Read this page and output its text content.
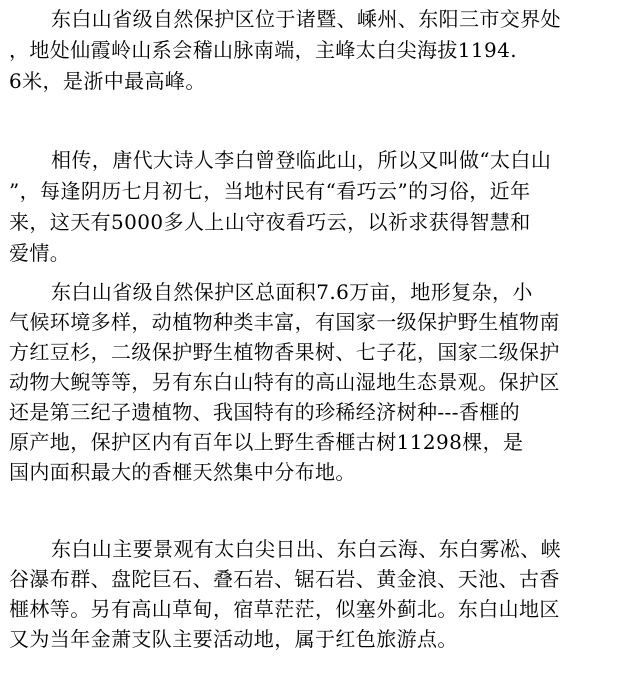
东白山省级自然保护区位于诸暨、嵊州、东阳三市交界处
，地处仙霞岭山系会稽山脉南端，主峰太白尖海拔1194.
6米，是浙中最高峰。
相传，唐代大诗人李白曾登临此山，所以又叫做“太白山
”，每逢阴历七月初七，当地村民有“看巧云”的习俗，近年
来，这天有5000多人上山守夜看巧云，以祈求获得智慧和
爱情。
东白山省级自然保护区总面积7.6万亩，地形复杂，小
气候环境多样，动植物种类丰富，有国家一级保护野生植物南
方红豆杉，二级保护野生植物香果树、七子花，国家二级保护
动物大鲵等等，另有东白山特有的高山湿地生态景观。保护区
还是第三纪子遗植物、我国特有的珍稀经济树种---香榧的
原产地，保护区内有百年以上野生香榧古树11298棵，是
国内面积最大的香榧天然集中分布地。
东白山主要景观有太白尖日出、东白云海、东白雾凇、峡
谷瀑布群、盘陀巨石、叠石岩、锯石岩、黄金浪、天池、古香
榧林等。另有高山草甸，宿草茫茫，似塞外蓟北。东白山地区
又为当年金萧支队主要活动地，属于红色旅游点。
